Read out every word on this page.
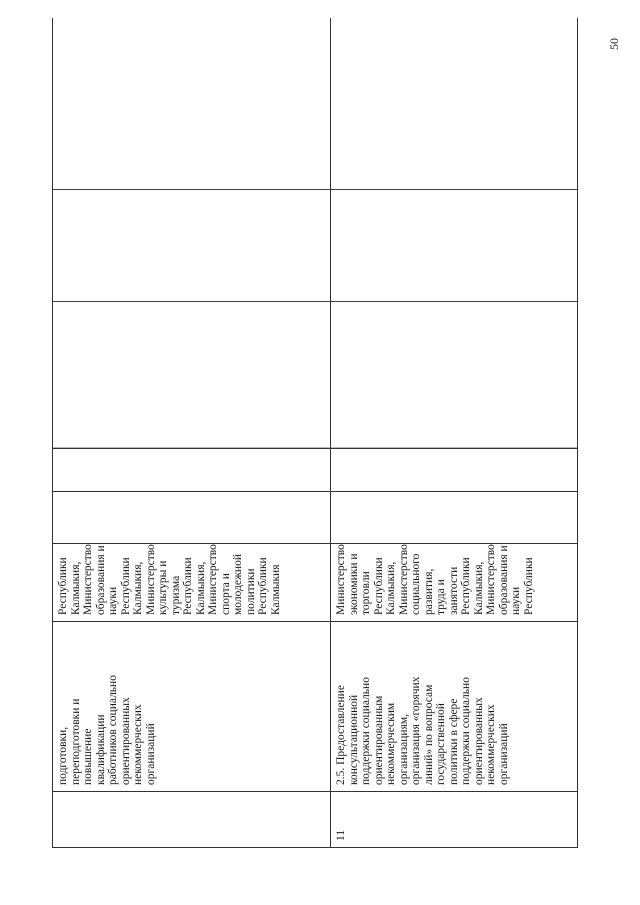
50
подготовки,
переподготовки и
повышение
квалификации
работников социально
ориентированных
некоммерческих
организаций
Республики
Калмыкия,
Министерство
образования и
науки
Республики
Калмыкия,
Министерство
культуры и
туризма
Республики
Калмыкия,
Министерство
спорта и
молодежной
политики
Республики
Калмыкия
11
2.5. Предоставление
консультационной
поддержки социально
ориентированным
некоммерческим
организациям,
организация «горячих
линий» по вопросам
государственной
политики в сфере
поддержки социально
ориентированных
некоммерческих
организаций
Министерство
экономики и
торговли
Республики
Калмыкия,
Министерство
социального
развития,
труда и
занятости
Республики
Калмыкия,
Министерство
образования и
науки
Республики
